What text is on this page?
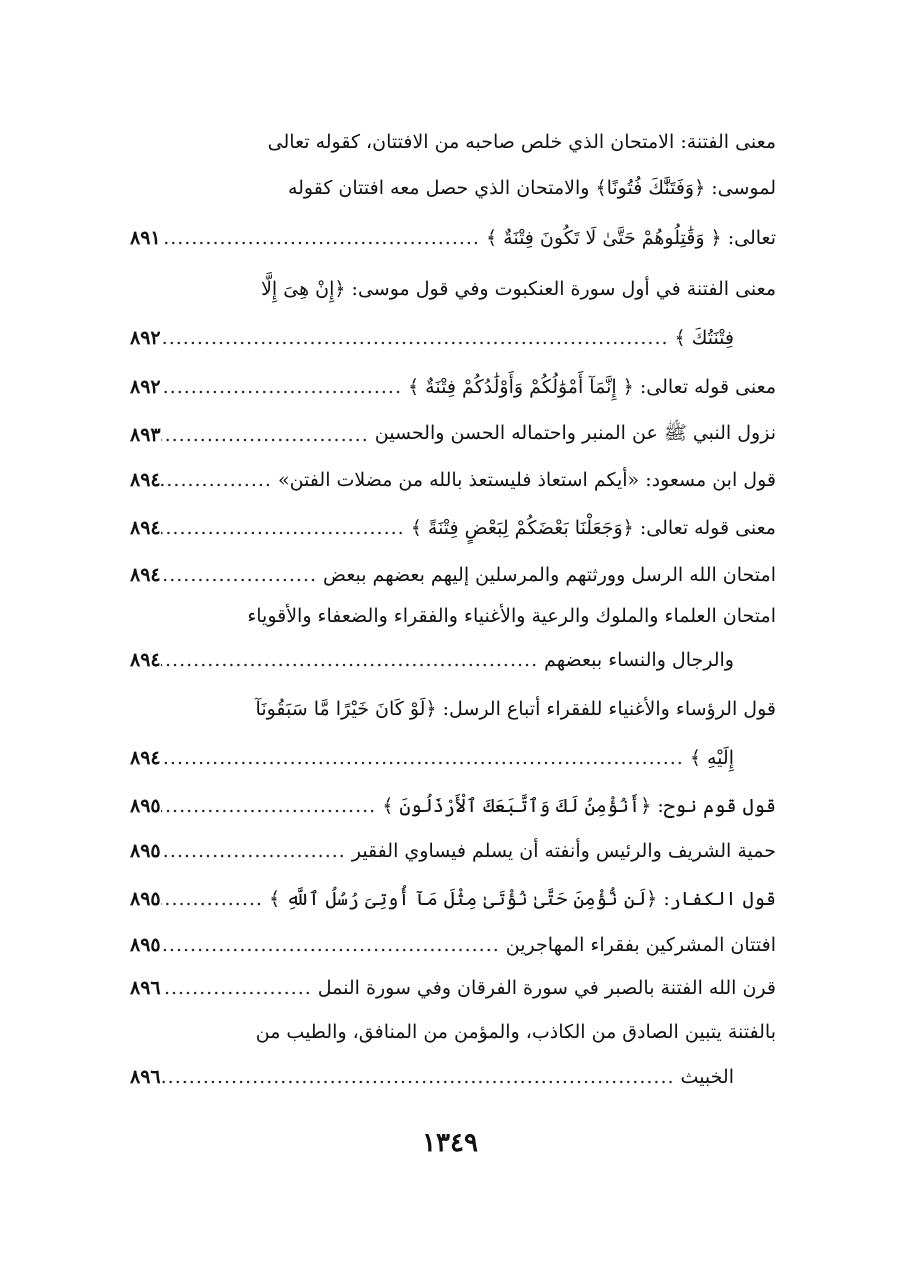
معنى الفتنة: الامتحان الذي خلص صاحبه من الافتتان، كقوله تعالى
لموسى: ﴿وَفَتَنَّٰكَ فُتُونًا﴾ والامتحان الذي حصل معه افتتان كقوله
تعالى: ﴿ وَقَٰتِلُوهُمْ حَتَّىٰ لَا تَكُونَ فِتْنَةٌ ﴾
.....
٨٩١
معنى الفتنة في أول سورة العنكبوت وفي قول موسى: ﴿إِنْ هِىَ إِلَّا
فِتْنَتُكَ ﴾
.....
٨٩٢
معنى قوله تعالى: ﴿ إِنَّمَآ أَمْوَٰلُكُمْ وَأَوْلَٰدُكُمْ فِتْنَةٌ ﴾
.....
٨٩٢
نزول النبي ﷺ عن المنبر واحتماله الحسن والحسين
.....
٨٩٣
قول ابن مسعود: «أيكم استعاذ فليستعذ بالله من مضلات الفتن»
.....
٨٩٤
معنى قوله تعالى: ﴿وَجَعَلْنَا بَعْضَكُمْ لِبَعْضٍ فِتْنَةً ﴾
.....
٨٩٤
امتحان الله الرسل وورثتهم والمرسلين إليهم بعضهم ببعض
.....
٨٩٤
امتحان العلماء والملوك والرعية والأغنياء والفقراء والضعفاء والأقوياء
والرجال والنساء ببعضهم
.....
٨٩٤
قول الرؤساء والأغنياء للفقراء أتباع الرسل: ﴿لَوْ كَانَ خَيْرًا مَّا سَبَقُونَآ
إِلَيْهِ ﴾
.....
٨٩٤
قول قوم نوح: ﴿أَنُؤْمِنُ لَكَ وَٱتَّبَعَكَ ٱلْأَرْذَلُونَ ﴾
.....
٨٩٥
حمية الشريف والرئيس وأنفته أن يسلم فيساوي الفقير
.....
٨٩٥
قول الكفار: ﴿لَن نُّؤْمِنَ حَتَّىٰ نُؤْتَىٰ مِثْلَ مَآ أُوتِىَ رُسُلُ ٱللَّهِ ﴾
.....
٨٩٥
افتتان المشركين بفقراء المهاجرين
.....
٨٩٥
قرن الله الفتنة بالصبر في سورة الفرقان وفي سورة النمل
.....
٨٩٦
بالفتنة يتبين الصادق من الكاذب، والمؤمن من المنافق، والطيب من
الخبيث
.....
٨٩٦
١٣٤٩
